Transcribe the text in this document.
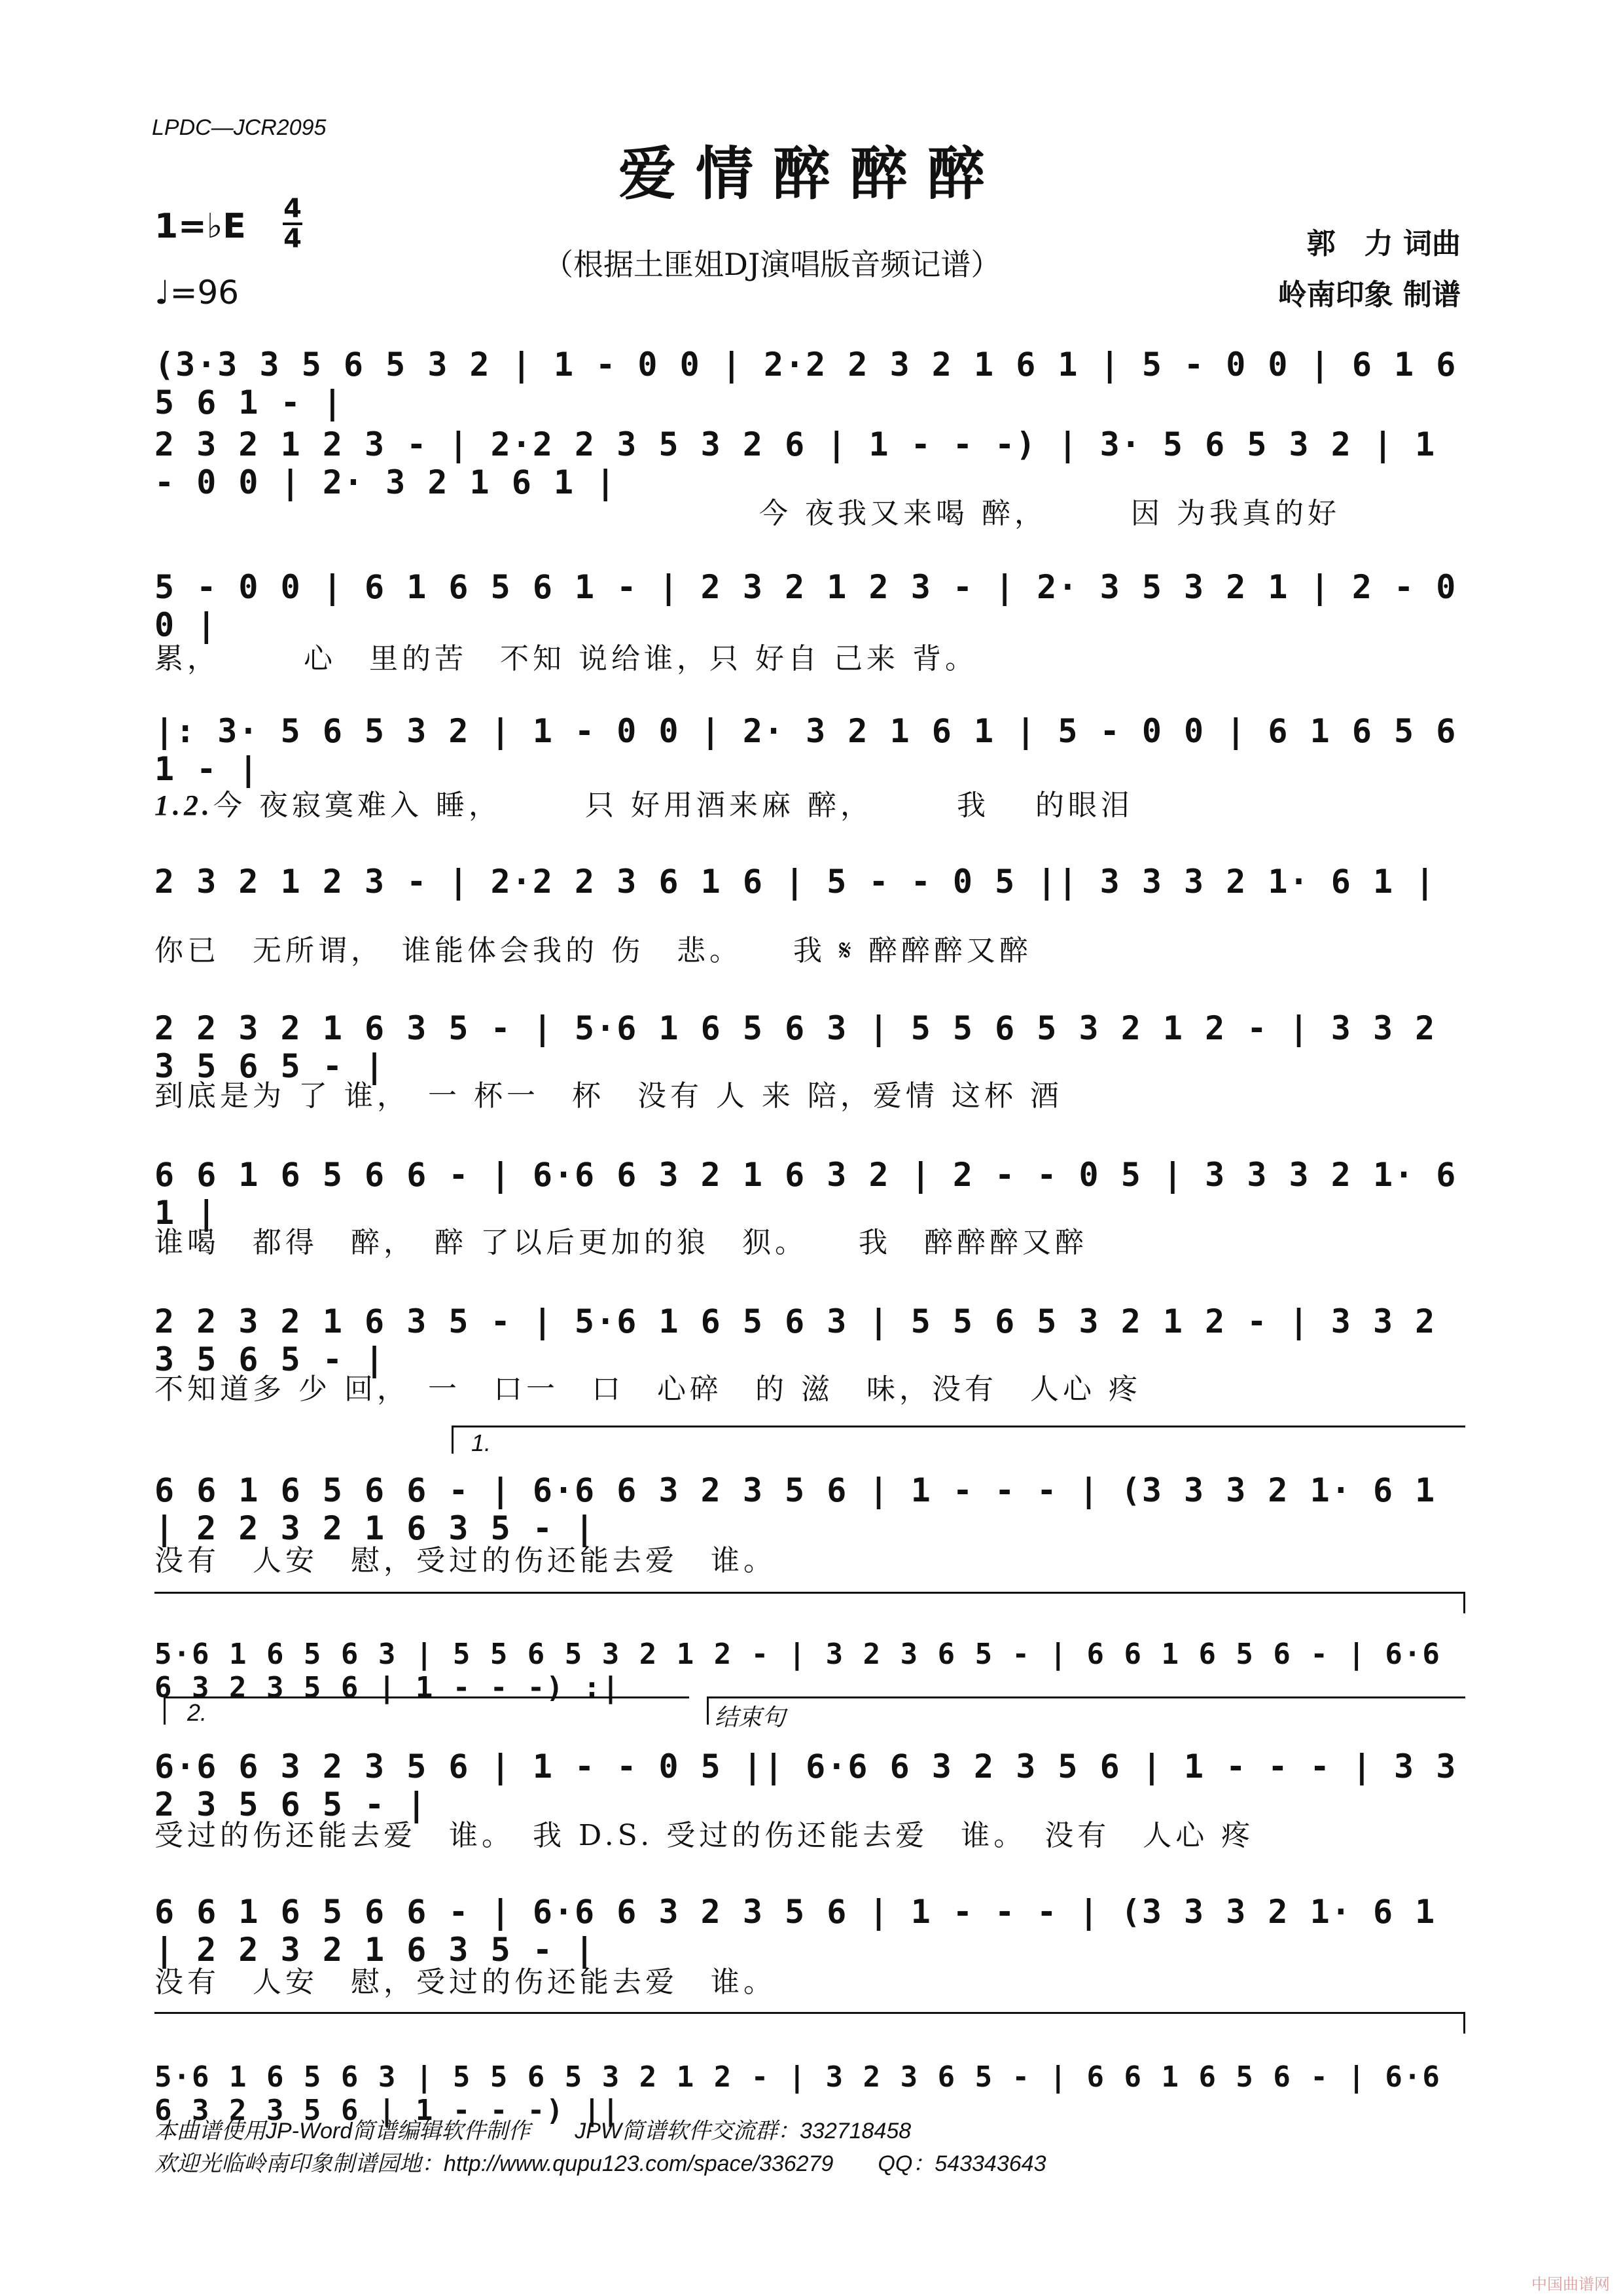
LPDC—JCR2095
爱情醉醉醉
1=♭E 4
4
♩=96
（根据土匪姐DJ演唱版音频记谱）
郭　力 词曲
岭南印象 制谱
(3·3 3 5 6 5 3 2 | 1 - 0 0 | 2·2 2 3 2 1 6 1 | 5 - 0 0 | 6 1 6 5 6 1 - |
2 3 2 1 2 3 - | 2·2 2 3 5 3 2 6 | 1 - - -) | 3· 5 6 5 3 2 | 1 - 0 0 | 2· 3 2 1 6 1 |
今 夜我又来喝 醉，　　　因 为我真的好
5 - 0 0 | 6 1 6 5 6 1 - | 2 3 2 1 2 3 - | 2· 3 5 3 2 1 | 2 - 0 0 |
累，　　　心　里的苦　不知 说给谁，只 好自 己来 背。
|: 3· 5 6 5 3 2 | 1 - 0 0 | 2· 3 2 1 6 1 | 5 - 0 0 | 6 1 6 5 6 1 - |
1.2.今 夜寂寞难入 睡，　　　只 好用酒来麻 醉，　　　我　 的眼泪
2 3 2 1 2 3 - | 2·2 2 3 6 1 6 | 5 - - 0 5 || 3 3 3 2 1· 6 1 |
你已　无所谓，　谁能体会我的 伤　悲。　　我 𝄋 醉醉醉又醉
2 2 3 2 1 6 3 5 - | 5·6 1 6 5 6 3 | 5 5 6 5 3 2 1 2 - | 3 3 2 3 5 6 5 - |
到底是为 了 谁，　一 杯一　杯　没有 人 来 陪，爱情 这杯 酒
6 6 1 6 5 6 6 - | 6·6 6 3 2 1 6 3 2 | 2 - - 0 5 | 3 3 3 2 1· 6 1 |
谁喝　都得　醉，　醉 了以后更加的狼　狈。　　我　醉醉醉又醉
2 2 3 2 1 6 3 5 - | 5·6 1 6 5 6 3 | 5 5 6 5 3 2 1 2 - | 3 3 2 3 5 6 5 - |
不知道多 少 回，　一　口一　口　心碎　的 滋　味，没有　人心 疼
1.
6 6 1 6 5 6 6 - | 6·6 6 3 2 3 5 6 | 1 - - - | (3 3 3 2 1· 6 1 | 2 2 3 2 1 6 3 5 - |
没有　人安　慰，受过的伤还能去爱　谁。
5·6 1 6 5 6 3 | 5 5 6 5 3 2 1 2 - | 3 2 3 6 5 - | 6 6 1 6 5 6 - | 6·6 6 3 2 3 5 6 | 1 - - -) :|
2.	结束句
6·6 6 3 2 3 5 6 | 1 - - 0 5 || 6·6 6 3 2 3 5 6 | 1 - - - | 3 3 2 3 5 6 5 - |
受过的伤还能去爱　谁。　我 D.S. 受过的伤还能去爱　谁。　没有　人心 疼
6 6 1 6 5 6 6 - | 6·6 6 3 2 3 5 6 | 1 - - - | (3 3 3 2 1· 6 1 | 2 2 3 2 1 6 3 5 - |
没有　人安　慰，受过的伤还能去爱　谁。
5·6 1 6 5 6 3 | 5 5 6 5 3 2 1 2 - | 3 2 3 6 5 - | 6 6 1 6 5 6 - | 6·6 6 3 2 3 5 6 | 1 - - -) ||
本曲谱使用JP-Word简谱编辑软件制作　　JPW简谱软件交流群：332718458
欢迎光临岭南印象制谱园地：http://www.qupu123.com/space/336279　　QQ：543343643
中国曲谱网
